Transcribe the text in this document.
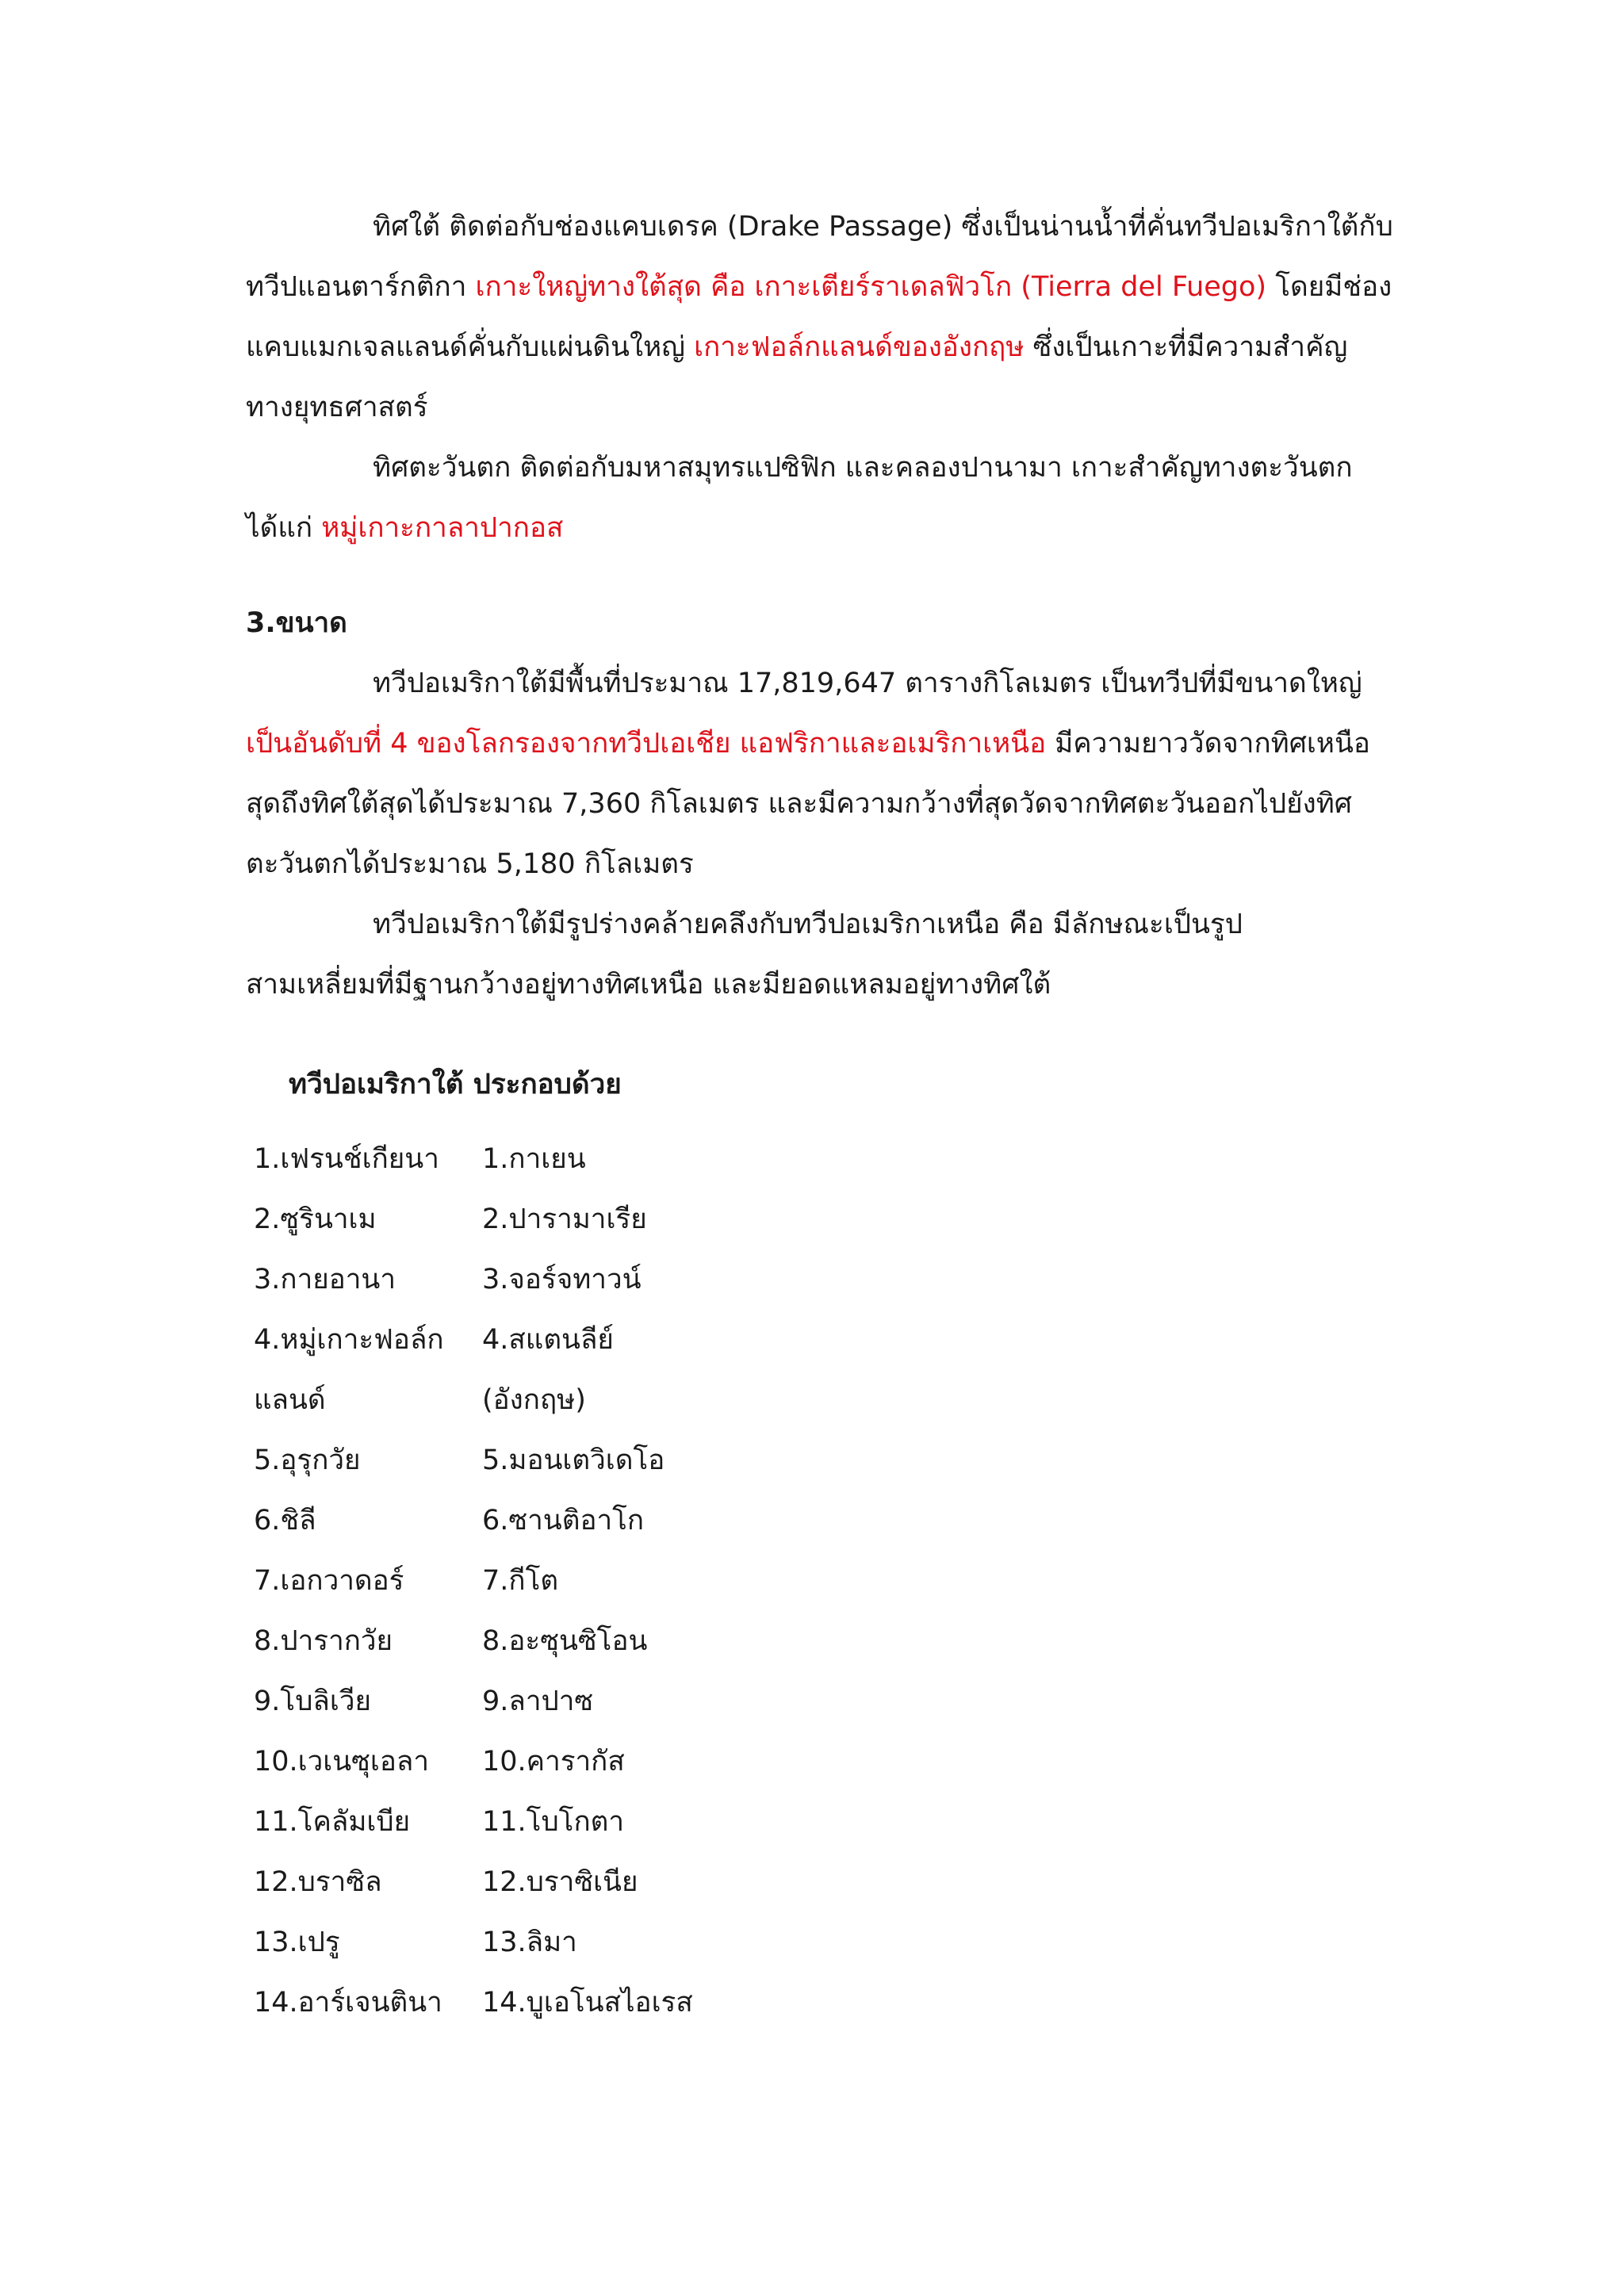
ทิศใต้ ติดต่อกับช่องแคบเดรค (Drake Passage) ซึ่งเป็นน่านน้ำที่คั่นทวีปอเมริกาใต้กับ
ทวีปแอนตาร์กติกา เกาะใหญ่ทางใต้สุด คือ เกาะเตียร์ราเดลฟิวโก (Tierra del Fuego) โดยมีช่อง
แคบแมกเจลแลนด์คั่นกับแผ่นดินใหญ่ เกาะฟอล์กแลนด์ของอังกฤษ ซึ่งเป็นเกาะที่มีความสำคัญ
ทางยุทธศาสตร์
ทิศตะวันตก ติดต่อกับมหาสมุทรแปซิฟิก และคลองปานามา เกาะสำคัญทางตะวันตก
ได้แก่ หมู่เกาะกาลาปากอส
3.ขนาด
ทวีปอเมริกาใต้มีพื้นที่ประมาณ 17,819,647 ตารางกิโลเมตร เป็นทวีปที่มีขนาดใหญ่
เป็นอันดับที่ 4 ของโลกรองจากทวีปเอเชีย แอฟริกาและอเมริกาเหนือ มีความยาววัดจากทิศเหนือ
สุดถึงทิศใต้สุดได้ประมาณ 7,360 กิโลเมตร และมีความกว้างที่สุดวัดจากทิศตะวันออกไปยังทิศ
ตะวันตกได้ประมาณ 5,180 กิโลเมตร
ทวีปอเมริกาใต้มีรูปร่างคล้ายคลึงกับทวีปอเมริกาเหนือ คือ มีลักษณะเป็นรูป
สามเหลี่ยมที่มีฐานกว้างอยู่ทางทิศเหนือ และมียอดแหลมอยู่ทางทิศใต้
ทวีปอเมริกาใต้ ประกอบด้วย
1.เฟรนช์เกียนา 1.กาเยน
2.ซูรินาเม	2.ปารามาเรีย
3.กายอานา	3.จอร์จทาวน์
4.หมู่เกาะฟอล์ก 4.สแตนลีย์
แลนด์	(อังกฤษ)
5.อุรุกวัย	5.มอนเตวิเดโอ
6.ชิลี	6.ซานติอาโก
7.เอกวาดอร์	7.กีโต
8.ปารากวัย	8.อะซุนซิโอน
9.โบลิเวีย	9.ลาปาซ
10.เวเนซุเอลา 10.คารากัส
11.โคลัมเบีย	11.โบโกตา
12.บราซิล	12.บราซิเนีย
13.เปรู	13.ลิมา
14.อาร์เจนตินา 14.บูเอโนสไอเรส
